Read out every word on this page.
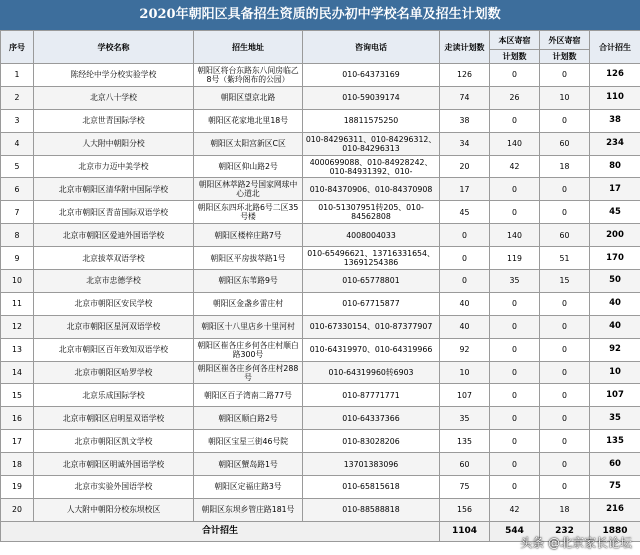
2020年朝阳区具备招生资质的民办初中学校名单及招生计划数
序号	学校名称	招生地址	咨询电话	走读计划数	本区寄宿	外区寄宿	合计招生
					计划数	计划数	
1	陈经纶中学分校实验学校	朝阳区将台东路东八间房临乙8号（紫玲阁布的公园）	010-64373169	126	0	0	126
2	北京八十学校	朝阳区望京北路	010-59039174	74	26	10	110
3	北京世青国际学校	朝阳区花家地北里18号	18811575250	38	0	0	38
4	人大附中朝阳分校	朝阳区太阳宫新区C区	010-84296311、010-84296312、010-84296313	34	140	60	234
5	北京市力迈中美学校	朝阳区仰山路2号	4000699088、010-84928242、010-84931392、010-	20	42	18	80
6	北京市朝阳区清华附中国际学校	朝阳区林萃路2号国家网球中心道北	010-84370906、010-84370908	17	0	0	17
7	北京市朝阳区青苗国际双语学校	朝阳区东四环北路6号二区35号楼	010-51307951转205、010-84562808	45	0	0	45
8	北京市朝阳区爱迪外国语学校	朝阳区楼梓庄路7号	4008004033	0	140	60	200
9	北京拔萃双语学校	朝阳区平房拔萃路1号	010-65496621、13716331654、13691254386	0	119	51	170
10	北京市忠德学校	朝阳区东苇路9号	010-65778801	0	35	15	50
11	北京市朝阳区安民学校	朝阳区金盏乡雷庄村	010-67715877	40	0	0	40
12	北京市朝阳区星河双语学校	朝阳区十八里店乡十里河村	010-67330154、010-87377907	40	0	0	40
13	北京市朝阳区百年致知双语学校	朝阳区崔各庄乡何各庄村顺白路300号	010-64319970、010-64319966	92	0	0	92
14	北京市朝阳区哈罗学校	朝阳区崔各庄乡何各庄村288号	010-64319960转6903	10	0	0	10
15	北京乐成国际学校	朝阳区百子湾南二路77号	010-87771771	107	0	0	107
16	北京市朝阳区启明星双语学校	朝阳区顺白路2号	010-64337366	35	0	0	35
17	北京市朝阳区凯文学校	朝阳区宝星三街46号院	010-83028206	135	0	0	135
18	北京市朝阳区明诚外国语学校	朝阳区蟹岛路1号	13701383096	60	0	0	60
19	北京市实验外国语学校	朝阳区定福庄路3号	010-65815618	75	0	0	75
20	人大附中朝阳分校东坝校区	朝阳区东坝乡管庄路181号	010-88588818	156	42	18	216
合计招生				1104	544	232	1880
头条 @北京家长论坛
